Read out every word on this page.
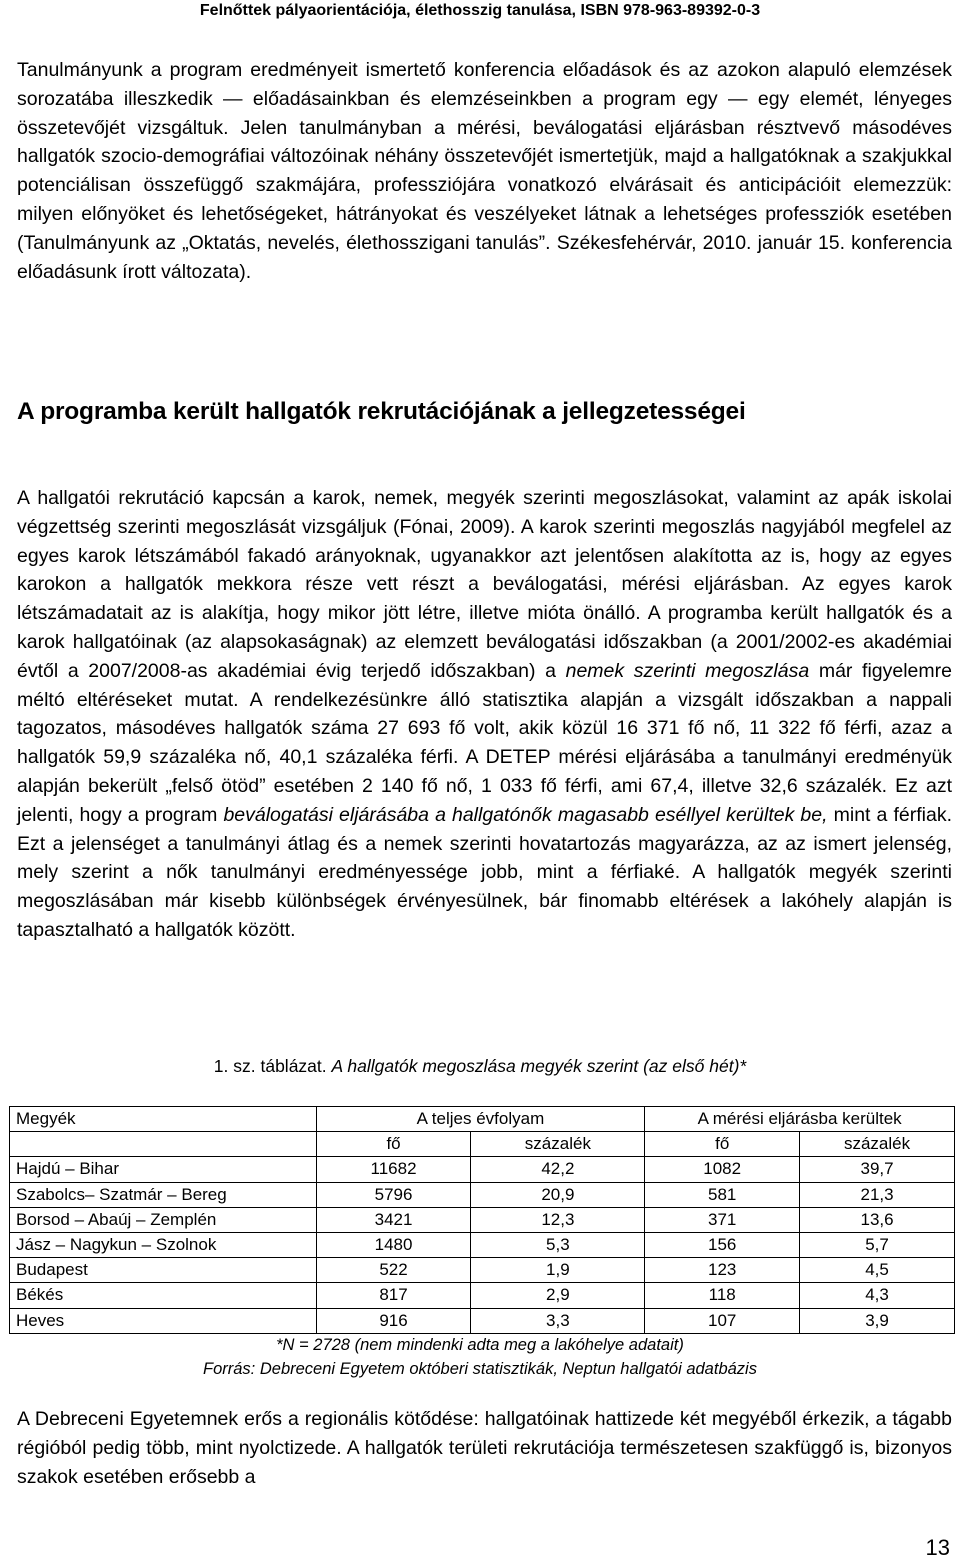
Felnőttek pályaorientációja, élethosszig tanulása, ISBN 978-963-89392-0-3
Tanulmányunk a program eredményeit ismertető konferencia előadások és az azokon alapuló elemzések sorozatába illeszkedik — előadásainkban és elemzéseinkben a program egy — egy elemét, lényeges összetevőjét vizsgáltuk. Jelen tanulmányban a mérési, beválogatási eljárásban résztvevő másodéves hallgatók szocio-demográfiai változóinak néhány összetevőjét ismertetjük, majd a hallgatóknak a szakjukkal potenciálisan összefüggő szakmájára, professziójára vonatkozó elvárásait és anticipációit elemezzük: milyen előnyöket és lehetőségeket, hátrányokat és veszélyeket látnak a lehetséges professziók esetében (Tanulmányunk az „Oktatás, nevelés, élethosszigani tanulás”. Székesfehérvár, 2010. január 15. konferencia előadásunk írott változata).
A programba került hallgatók rekrutációjának a jellegzetességei
A hallgatói rekrutáció kapcsán a karok, nemek, megyék szerinti megoszlásokat, valamint az apák iskolai végzettség szerinti megoszlását vizsgáljuk (Fónai, 2009). A karok szerinti megoszlás nagyjából megfelel az egyes karok létszámából fakadó arányoknak, ugyanakkor azt jelentősen alakította az is, hogy az egyes karokon a hallgatók mekkora része vett részt a beválogatási, mérési eljárásban. Az egyes karok létszámadatait az is alakítja, hogy mikor jött létre, illetve mióta önálló. A programba került hallgatók és a karok hallgatóinak (az alapsokaságnak) az elemzett beválogatási időszakban (a 2001/2002-es akadémiai évtől a 2007/2008-as akadémiai évig terjedő időszakban) a nemek szerinti megoszlása már figyelemre méltó eltéréseket mutat. A rendelkezésünkre álló statisztika alapján a vizsgált időszakban a nappali tagozatos, másodéves hallgatók száma 27 693 fő volt, akik közül 16 371 fő nő, 11 322 fő férfi, azaz a hallgatók 59,9 százaléka nő, 40,1 százaléka férfi. A DETEP mérési eljárásába a tanulmányi eredményük alapján bekerült „felső ötöd” esetében 2 140 fő nő, 1 033 fő férfi, ami 67,4, illetve 32,6 százalék. Ez azt jelenti, hogy a program beválogatási eljárásába a hallgatónők magasabb eséllyel kerültek be, mint a férfiak. Ezt a jelenséget a tanulmányi átlag és a nemek szerinti hovatartozás magyarázza, az az ismert jelenség, mely szerint a nők tanulmányi eredményessége jobb, mint a férfiaké. A hallgatók megyék szerinti megoszlásában már kisebb különbségek érvényesülnek, bár finomabb eltérések a lakóhely alapján is tapasztalható a hallgatók között.
1. sz. táblázat. A hallgatók megoszlása megyék szerint (az első hét)*
Megyék	A teljes évfolyam		A mérési eljárásba kerültek	
	fő	százalék	fő	százalék
Hajdú – Bihar	11682	42,2	1082	39,7
Szabolcs– Szatmár – Bereg	5796	20,9	581	21,3
Borsod – Abaúj – Zemplén	3421	12,3	371	13,6
Jász – Nagykun – Szolnok	1480	5,3	156	5,7
Budapest	522	1,9	123	4,5
Békés	817	2,9	118	4,3
Heves	916	3,3	107	3,9
*N = 2728 (nem mindenki adta meg a lakóhelye adatait)
Forrás: Debreceni Egyetem októberi statisztikák, Neptun hallgatói adatbázis
A Debreceni Egyetemnek erős a regionális kötődése: hallgatóinak hattizede két megyéből érkezik, a tágabb régióból pedig több, mint nyolctizede. A hallgatók területi rekrutációja természetesen szakfüggő is, bizonyos szakok esetében erősebb a
13
